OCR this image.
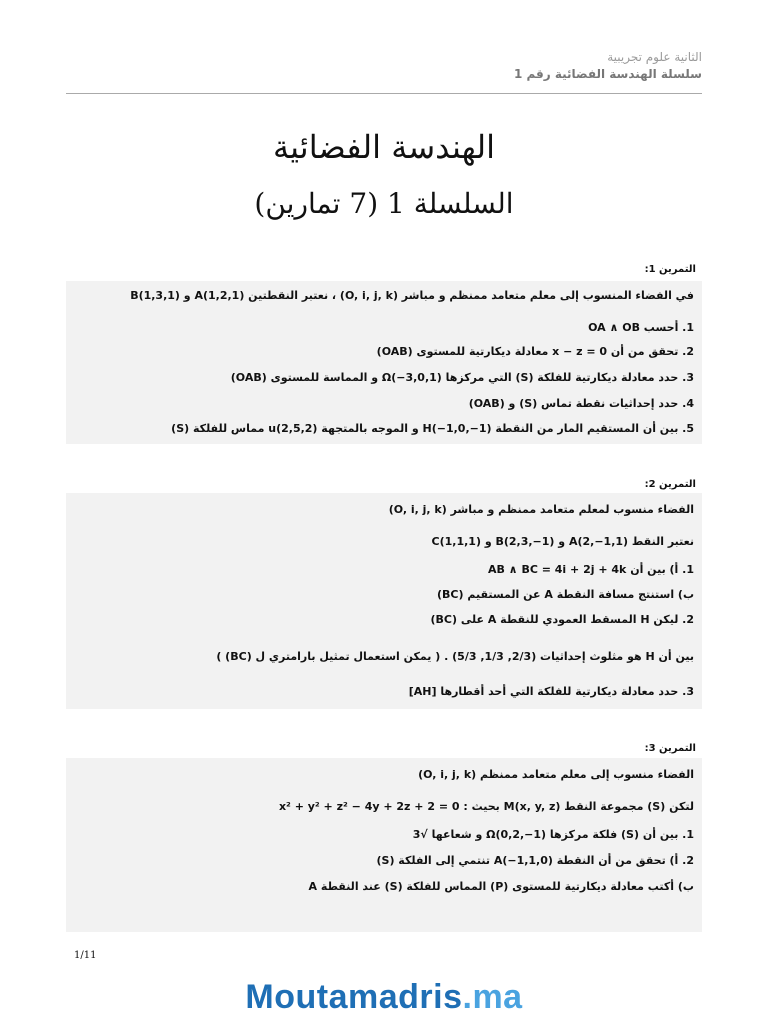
الثانية علوم تجريبية
سلسلة الهندسة الفضائية رقم 1
الهندسة الفضائية
السلسلة 1 (7 تمارين)
التمرين 1:
في الفضاء المنسوب إلى معلم متعامد ممنظم و مباشر (O, i, j, k) ، نعتبر النقطتين A(1,2,1) و B(1,3,1)
1. أحسب OA ∧ OB
2. تحقق من أن x − z = 0 معادلة ديكارتية للمستوى (OAB)
3. حدد معادلة ديكارتية للفلكة (S) التي مركزها Ω(−3,0,1) و المماسة للمستوى (OAB)
4. حدد إحداثيات نقطة تماس (S) و (OAB)
5. بين أن المستقيم المار من النقطة H(−1,0,−1) و الموجه بالمتجهة u(2,5,2) مماس للفلكة (S)
التمرين 2:
الفضاء منسوب لمعلم متعامد ممنظم و مباشر (O, i, j, k)
نعتبر النقط A(2,−1,1) و B(2,3,−1) و C(1,1,1)
1. أ) بين أن AB ∧ BC = 4i + 2j + 4k
ب) استنتج مسافة النقطة A عن المستقيم (BC)
2. ليكن H المسقط العمودي للنقطة A على (BC)
بين أن H هو مثلوث إحداثيات (2/3, 1/3, 5/3) . ( يمكن استعمال تمثيل بارامتري ل (BC) )
3. حدد معادلة ديكارتية للفلكة التي أحد أقطارها [AH]
التمرين 3:
الفضاء منسوب إلى معلم متعامد ممنظم (O, i, j, k)
لتكن (S) مجموعة النقط M(x, y, z) بحيث : x² + y² + z² − 4y + 2z + 2 = 0
1. بين أن (S) فلكة مركزها Ω(0,2,−1) و شعاعها √3
2. أ) تحقق من أن النقطة A(−1,1,0) تنتمي إلى الفلكة (S)
ب) أكتب معادلة ديكارتية للمستوى (P) المماس للفلكة (S) عند النقطة A
1/11
Moutamadris.ma
